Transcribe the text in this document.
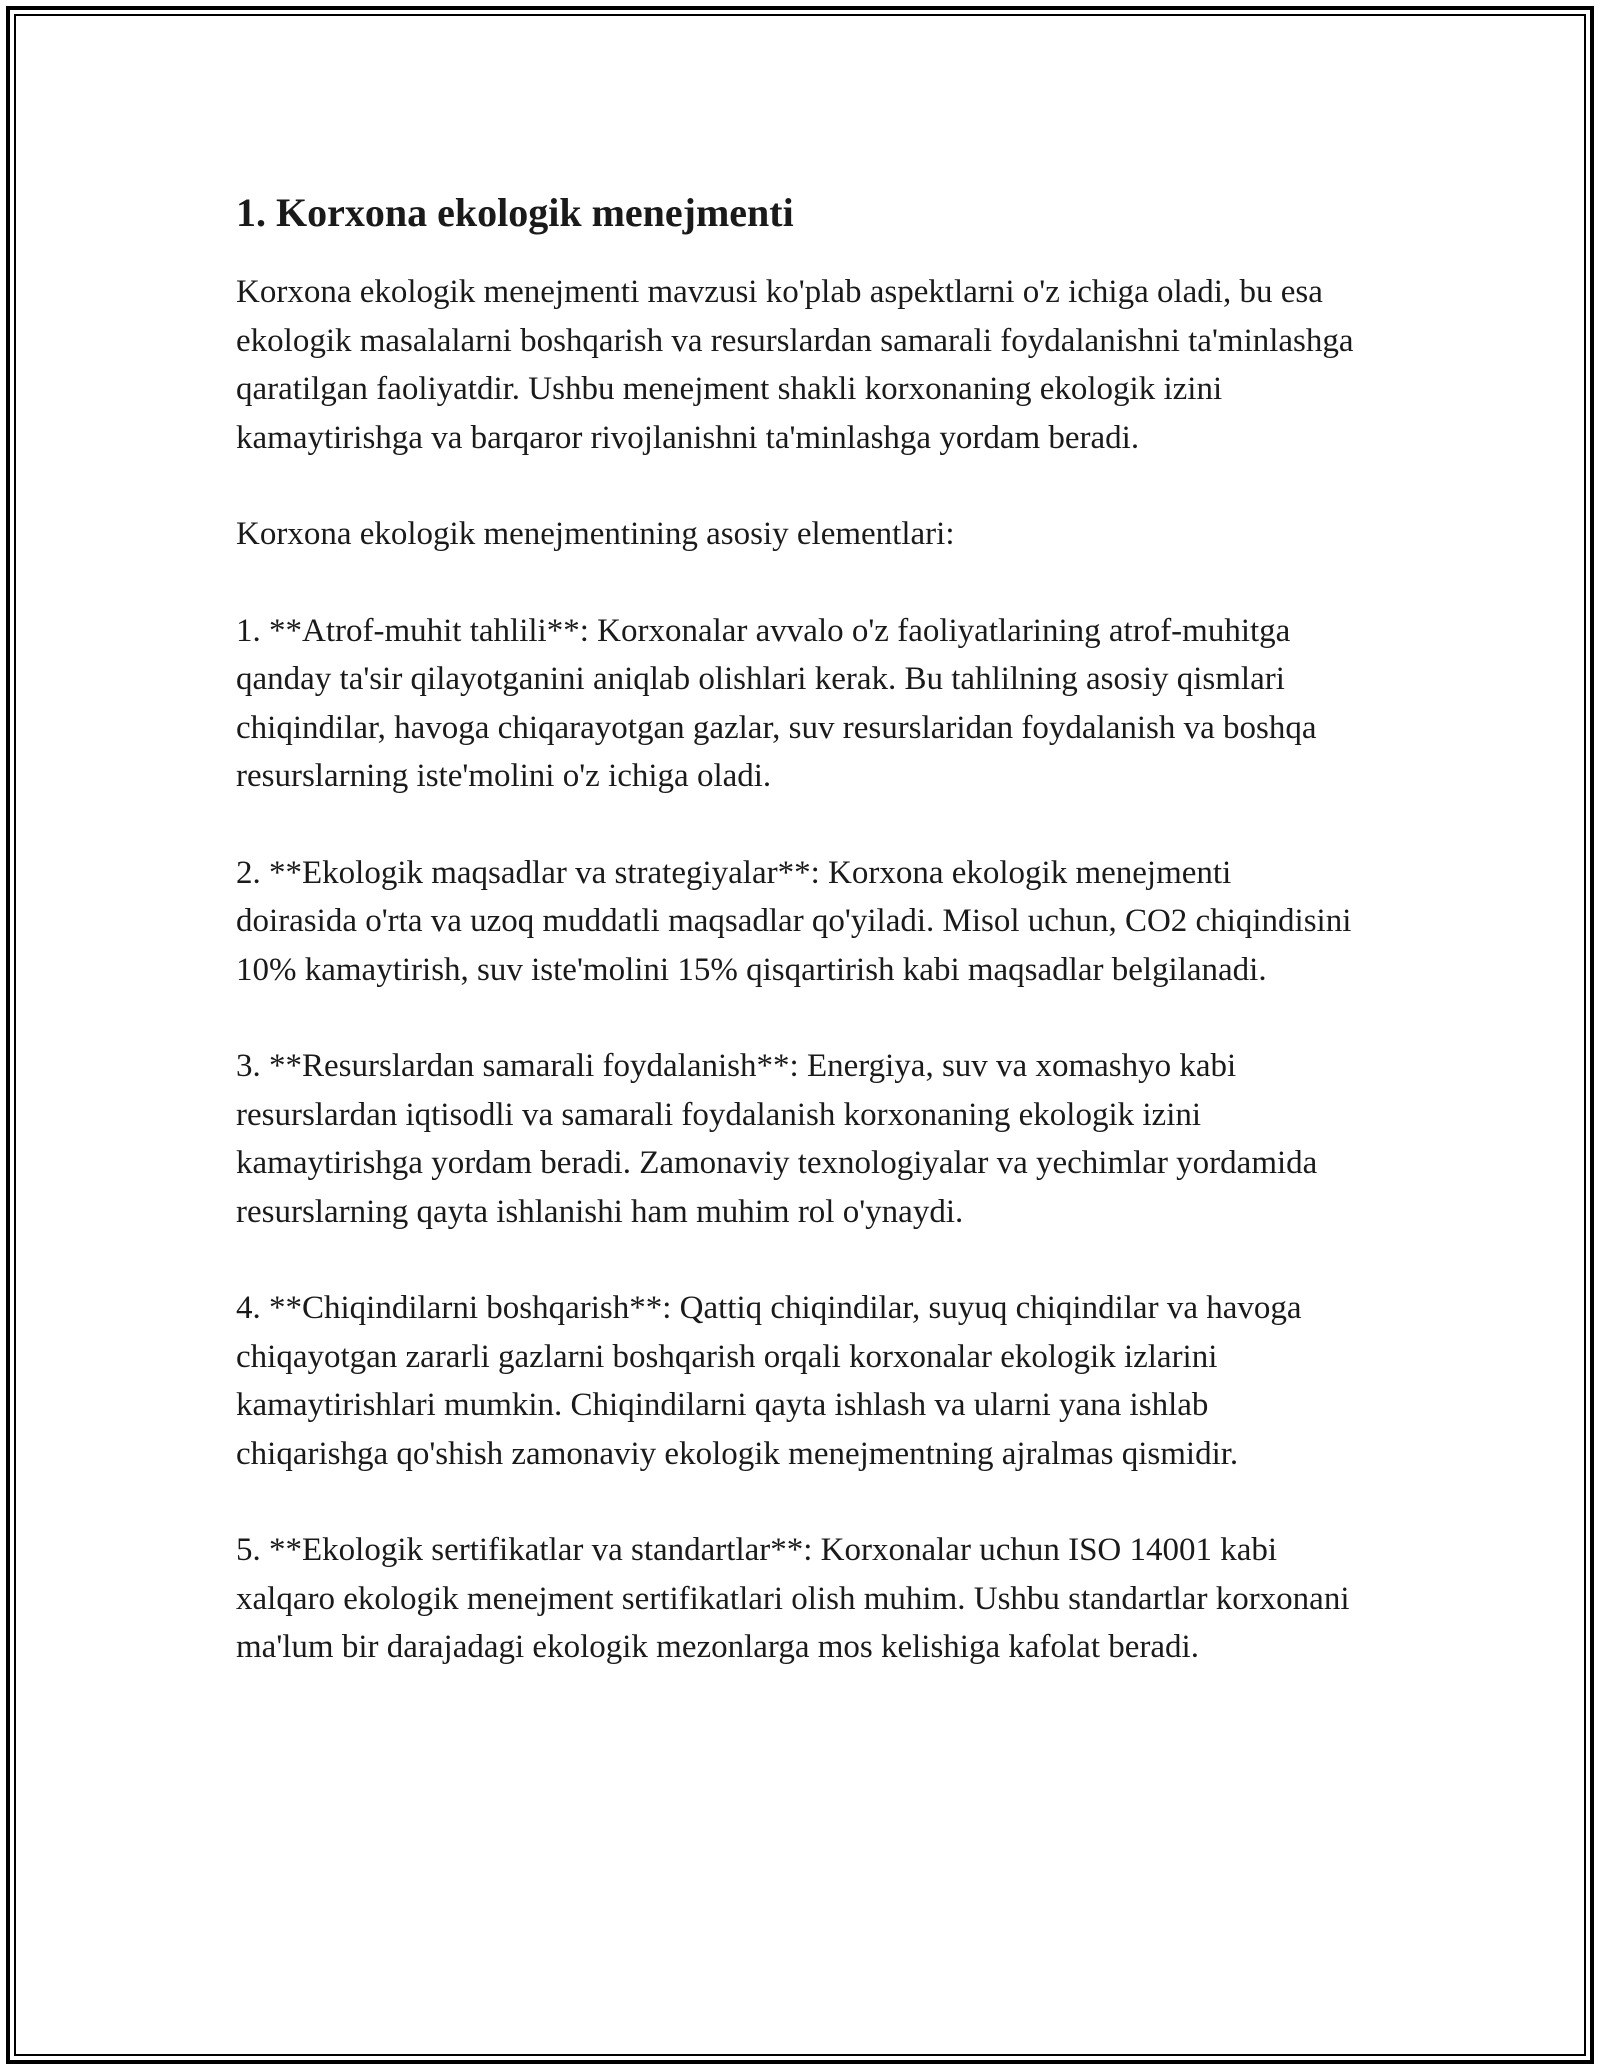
1. Korxona ekologik menejmenti

Korxona ekologik menejmenti mavzusi ko'plab aspektlarni o'z ichiga oladi, bu esa ekologik masalalarni boshqarish va resurslardan samarali foydalanishni ta'minlashga qaratilgan faoliyatdir. Ushbu menejment shakli korxonaning ekologik izini kamaytirishga va barqaror rivojlanishni ta'minlashga yordam beradi.

Korxona ekologik menejmentining asosiy elementlari:

1. **Atrof-muhit tahlili**: Korxonalar avvalo o'z faoliyatlarining atrof-muhitga qanday ta'sir qilayotganini aniqlab olishlari kerak. Bu tahlilning asosiy qismlari chiqindilar, havoga chiqarayotgan gazlar, suv resurslaridan foydalanish va boshqa resurslarning iste'molini o'z ichiga oladi.

2. **Ekologik maqsadlar va strategiyalar**: Korxona ekologik menejmenti doirasida o'rta va uzoq muddatli maqsadlar qo'yiladi. Misol uchun, CO2 chiqindisini 10% kamaytirish, suv iste'molini 15% qisqartirish kabi maqsadlar belgilanadi.

3. **Resurslardan samarali foydalanish**: Energiya, suv va xomashyo kabi resurslardan iqtisodli va samarali foydalanish korxonaning ekologik izini kamaytirishga yordam beradi. Zamonaviy texnologiyalar va yechimlar yordamida resurslarning qayta ishlanishi ham muhim rol o'ynaydi.

4. **Chiqindilarni boshqarish**: Qattiq chiqindilar, suyuq chiqindilar va havoga chiqayotgan zararli gazlarni boshqarish orqali korxonalar ekologik izlarini kamaytirishlari mumkin. Chiqindilarni qayta ishlash va ularni yana ishlab chiqarishga qo'shish zamonaviy ekologik menejmentning ajralmas qismidir.

5. **Ekologik sertifikatlar va standartlar**: Korxonalar uchun ISO 14001 kabi xalqaro ekologik menejment sertifikatlari olish muhim. Ushbu standartlar korxonani ma'lum bir darajadagi ekologik mezonlarga mos kelishiga kafolat beradi.
